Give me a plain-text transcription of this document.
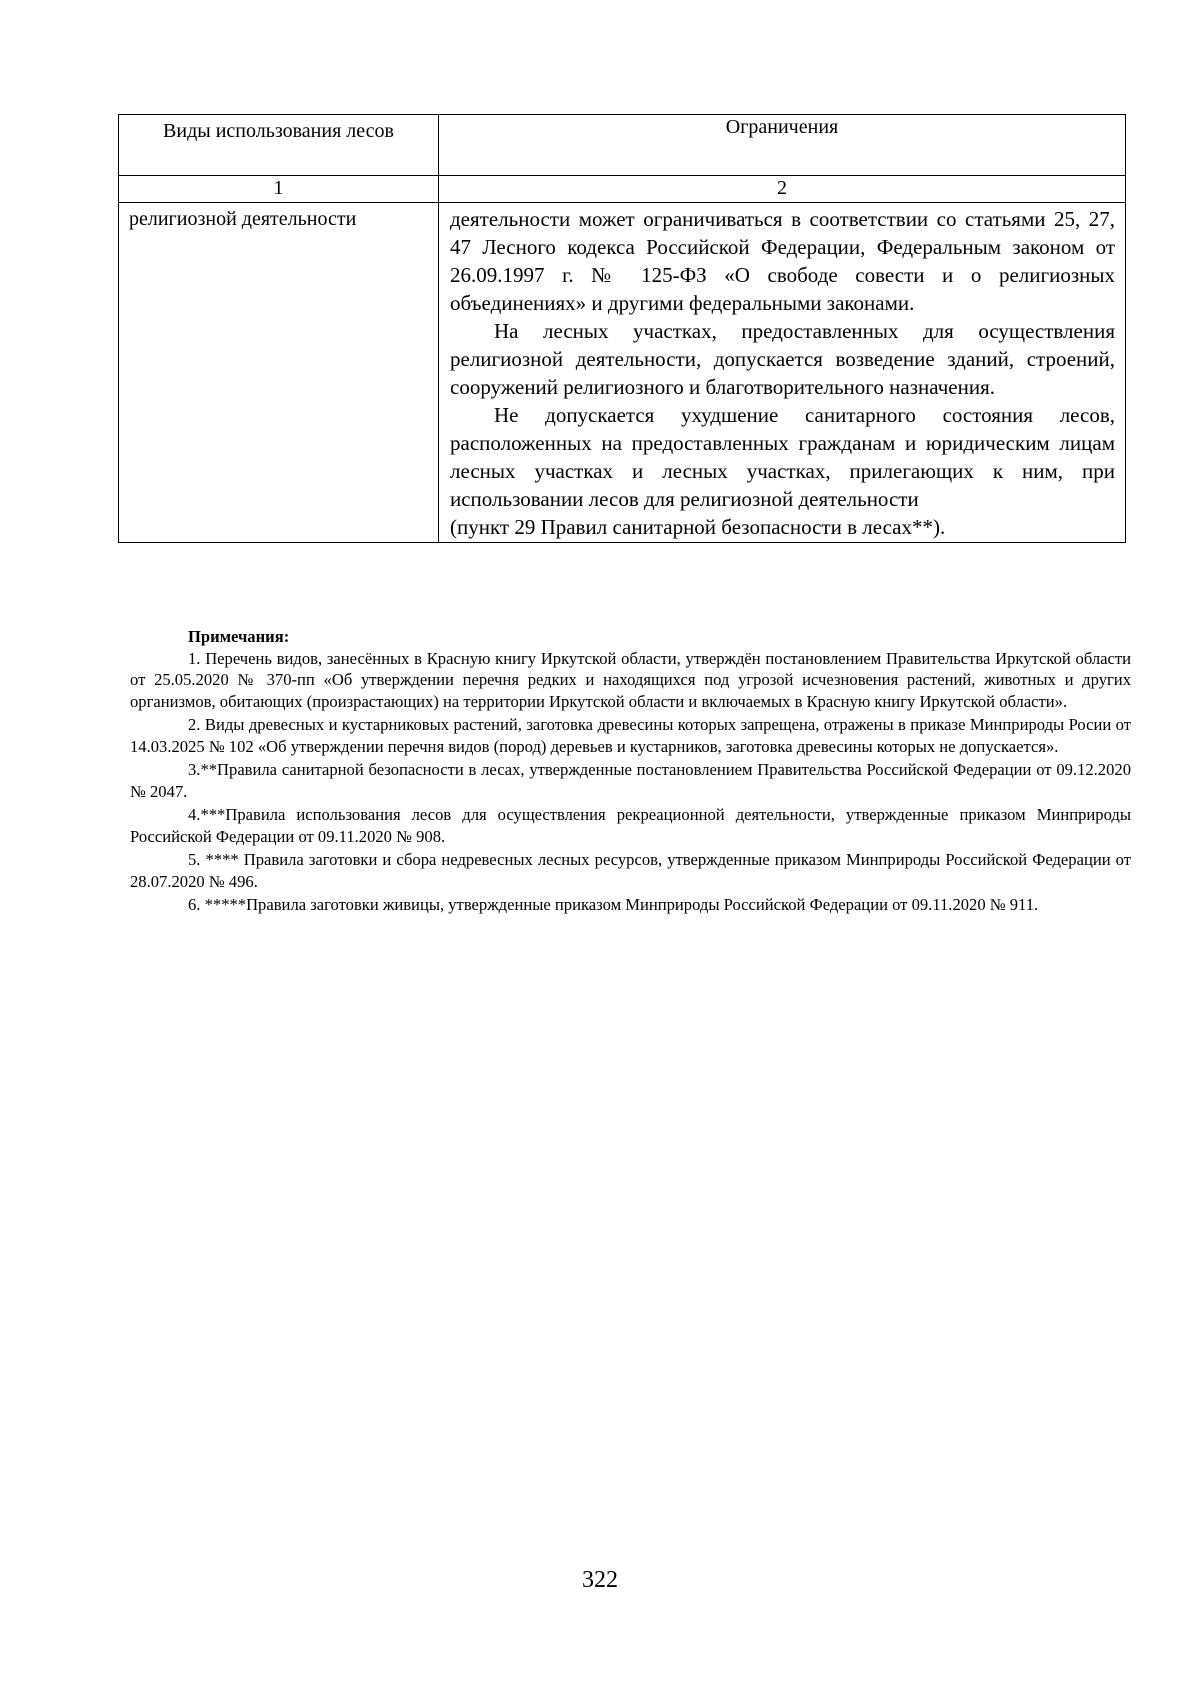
Виды использования лесов	Ограничения
1	2
религиозной деятельности	деятельности может ограничиваться в соответствии со статьями 25, 27, 47 Лесного кодекса Российской Федерации, Федеральным законом от 26.09.1997 г. № 125-ФЗ «О свободе совести и о религиозных объединениях» и другими федеральными законами.

На лесных участках, предоставленных для осуществления религиозной деятельности, допускается возведение зданий, строений, сооружений религиозного и благотворительного назначения.

Не допускается ухудшение санитарного состояния лесов, расположенных на предоставленных гражданам и юридическим лицам лесных участках и лесных участках, прилегающих к ним, при использовании лесов для религиозной деятельности

(пункт 29 Правил санитарной безопасности в лесах**).

Примечания:

1. Перечень видов, занесённых в Красную книгу Иркутской области, утверждён постановлением Правительства Иркутской области от 25.05.2020 № 370-пп «Об утверждении перечня редких и находящихся под угрозой исчезновения растений, животных и других организмов, обитающих (произрастающих) на территории Иркутской области и включаемых в Красную книгу Иркутской области».

2. Виды древесных и кустарниковых растений, заготовка древесины которых запрещена, отражены в приказе Минприроды Росии от 14.03.2025 № 102 «Об утверждении перечня видов (пород) деревьев и кустарников, заготовка древесины которых не допускается».

3.**Правила санитарной безопасности в лесах, утвержденные постановлением Правительства Российской Федерации от 09.12.2020 № 2047.

4.***Правила использования лесов для осуществления рекреационной деятельности, утвержденные приказом Минприроды Российской Федерации от 09.11.2020 № 908.

5. **** Правила заготовки и сбора недревесных лесных ресурсов, утвержденные приказом Минприроды Российской Федерации от 28.07.2020 № 496.

6. *****Правила заготовки живицы, утвержденные приказом Минприроды Российской Федерации от 09.11.2020 № 911.

322
